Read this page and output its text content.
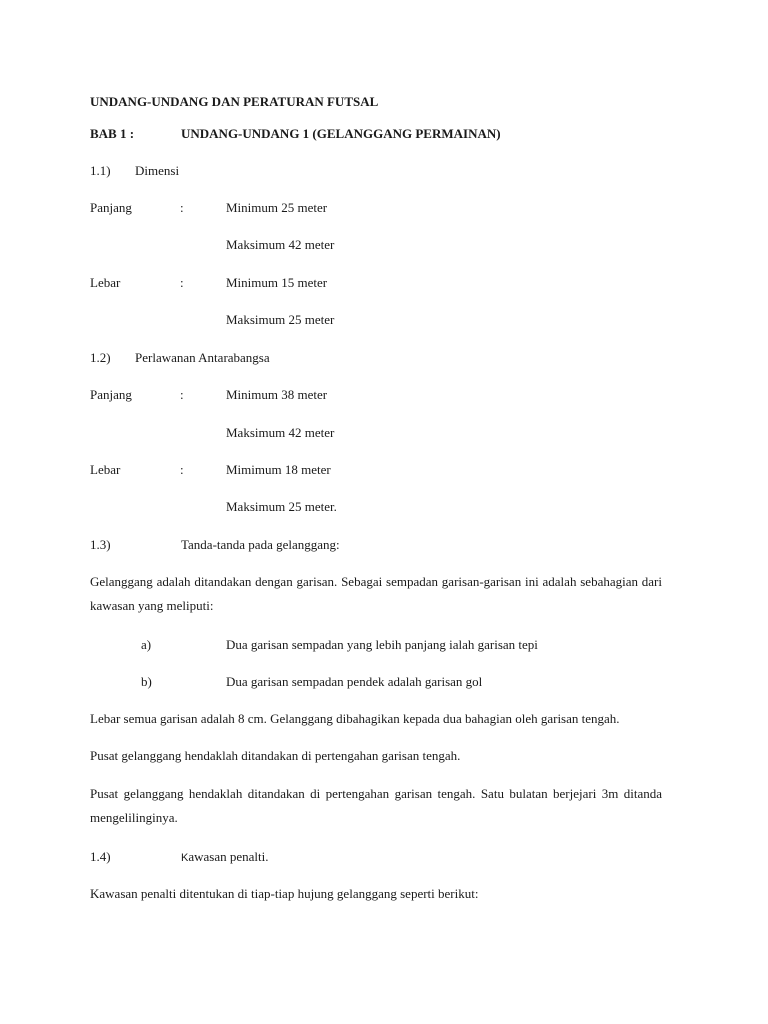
UNDANG-UNDANG DAN PERATURAN FUTSAL
BAB 1 :	UNDANG-UNDANG 1 (GELANGGANG PERMAINAN)
1.1) Dimensi
Panjang	:	Minimum 25 meter
Maksimum 42 meter
Lebar	:	Minimum 15 meter
Maksimum 25 meter
1.2) Perlawanan Antarabangsa
Panjang	:	Minimum 38 meter
Maksimum 42 meter
Lebar	:	Mimimum 18 meter
Maksimum 25 meter.
1.3)	Tanda-tanda pada gelanggang:
Gelanggang adalah ditandakan dengan garisan. Sebagai sempadan garisan-garisan ini adalah sebahagian dari kawasan yang meliputi:
a)	Dua garisan sempadan yang lebih panjang ialah garisan tepi
b)	Dua garisan sempadan pendek adalah garisan gol
Lebar semua garisan adalah 8 cm. Gelanggang dibahagikan kepada dua bahagian oleh garisan tengah.
Pusat gelanggang hendaklah ditandakan di pertengahan garisan tengah.
Pusat gelanggang hendaklah ditandakan di pertengahan garisan tengah. Satu bulatan berjejari 3m ditanda mengelilinginya.
1.4)	Kawasan penalti.
Kawasan penalti ditentukan di tiap-tiap hujung gelanggang seperti berikut:
